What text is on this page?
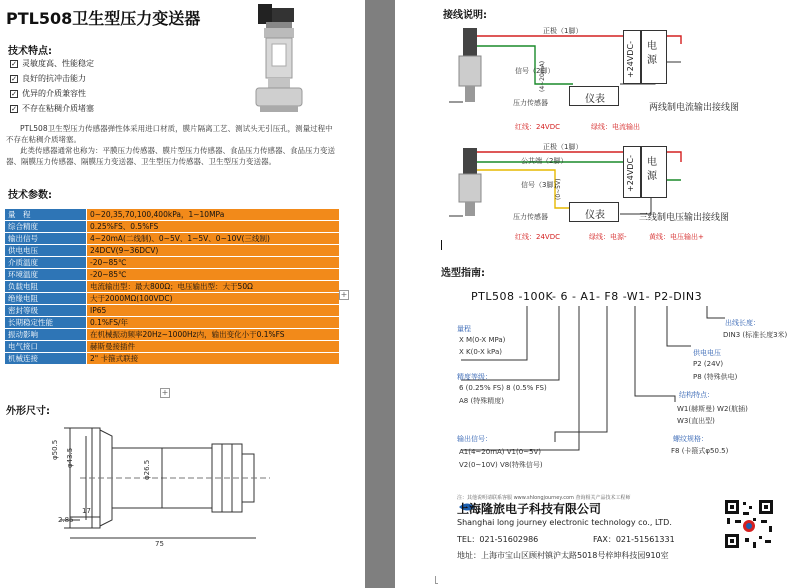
PTL508卫生型压力变送器
技术特点:
✓ 灵敏度高、性能稳定
✓ 良好的抗冲击能力
✓ 优异的介质兼容性
✓ 不存在粘稠介质堵塞
PTL508卫生型压力传感器弹性体采用进口材质，膜片隔离工艺、测试头无引压孔，测量过程中不存在粘稠介质堵塞。
此类传感器通常也称为：平膜压力传感器、膜片型压力传感器、食品压力传感器、食品压力变送器、隔膜压力传感器、隔膜压力变送器、卫生型压力传感器、卫生型压力变送器。
技术参数:
量　程	0~20,35,70,100,400kPa，1~10MPa
综合精度	0.25%FS、0.5%FS
输出信号	4~20mA(二线制)、0~5V、1~5V、0~10V(三线制)
供电电压	24DCV(9~36DCV)
介质温度	-20~85℃
环境温度	-20~85℃
负载电阻	电流输出型：最大800Ω；电压输出型：大于50Ω
绝缘电阻	大于2000MΩ(100VDC)
密封等级	IP65
长期稳定性能	0.1%FS/年
振动影响	在机械振动频率20Hz~1000Hz内，输出变化小于0.1%FS
电气接口	赫斯曼接插件
机械连接	2" 卡箍式联接
+
+
外形尺寸:
φ50.5 φ43.5
φ26.5
17
2.85
75
接线说明:
+24VDC- 电源
仪表
正极（1脚）
信号（2脚）
(4~20mA)
压力传感器	两线制电流输出接线图
红线：24VDC	绿线：电流输出
+24VDC- 电源
仪表
正极（1脚）
公共端（2脚）
信号（3脚）
(0~5V)
压力传感器	三线制电压输出接线图
红线：24VDC	绿线：电源-	黄线：电压输出+
选型指南:
PTL508 -100K- 6 - A1- F8 -W1- P2-DIN3
量程
X M(0-X MPa)
X K(0-X kPa)
精度等级：
6 (0.25% FS) 8 (0.5% FS)
A8 (特殊精度)
输出信号：
A1(4~20mA) V1(0~5V)
V2(0~10V) V8(特殊信号)
出线长度：
DIN3 (标准长度3米)
供电电压
P2 (24V)
P8 (特殊供电)
结构特点：
W1(赫斯曼) W2(航插)
W3(直出型)
螺纹规格：
F8 (卡箍式φ50.5)
注：其他说明请联系客服 www.shlongjourney.com 查询相关产品技术工程师
上海隆旅电子科技有限公司
Shanghai long journey electronic technology co., LTD.
TEL：021-51602986	FAX：021-51561331
地址：上海市宝山区顾村镇沪太路5018号梓坤科技园910室
